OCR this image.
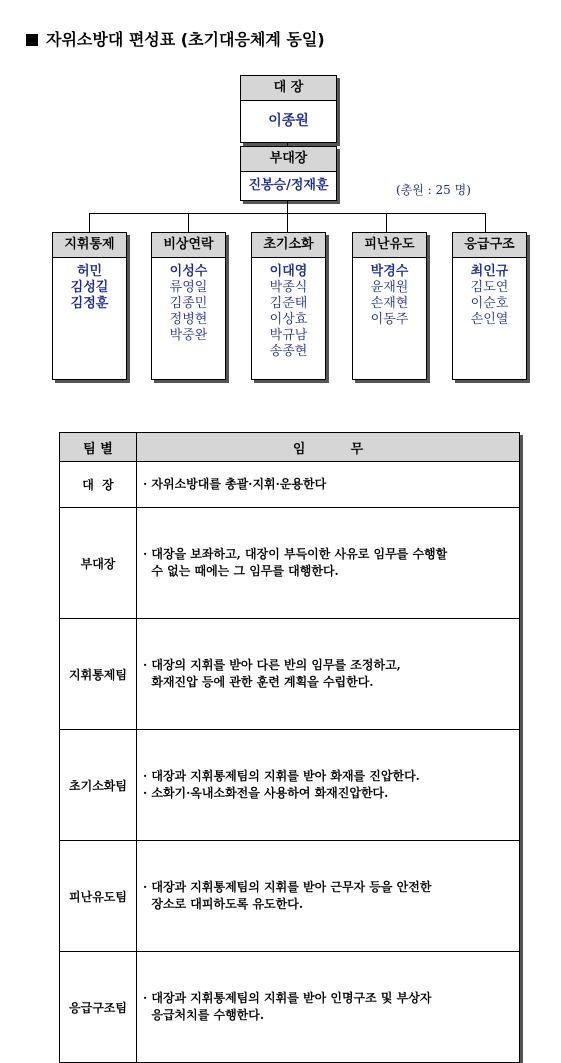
자위소방대 편성표 (초기대응체계 동일)
대 장
이종원
부대장
진봉승/정재훈	(총원 : 25 명)
지휘통제
허민
김성길
김정훈
비상연락
이성수
류영일
김종민
정병현
박중완
초기소화
이대영
박종식
김준태
이상효
박규남
송종현
피난유도
박경수
윤재원
손재현
이동주
응급구조
최인규
김도연
이순호
손인열
팀 별	임          무
대  장	· 자위소방대를 총괄·지휘·운용한다

부대장	· 대장을 보좌하고, 대장이 부득이한 사유로 임무를 수행할
수 없는 때에는 그 임무를 대행한다.

지휘통제팀	· 대장의 지휘를 받아 다른 반의 임무를 조정하고,
화재진압 등에 관한 훈련 계획을 수립한다.

초기소화팀	· 대장과 지휘통제팀의 지휘를 받아 화재를 진압한다.
· 소화기·옥내소화전을 사용하여 화재진압한다.

피난유도팀	· 대장과 지휘통제팀의 지휘를 받아 근무자 등을 안전한
장소로 대피하도록 유도한다.

응급구조팀	· 대장과 지휘통제팀의 지휘를 받아 인명구조 및 부상자
응급처치를 수행한다.
